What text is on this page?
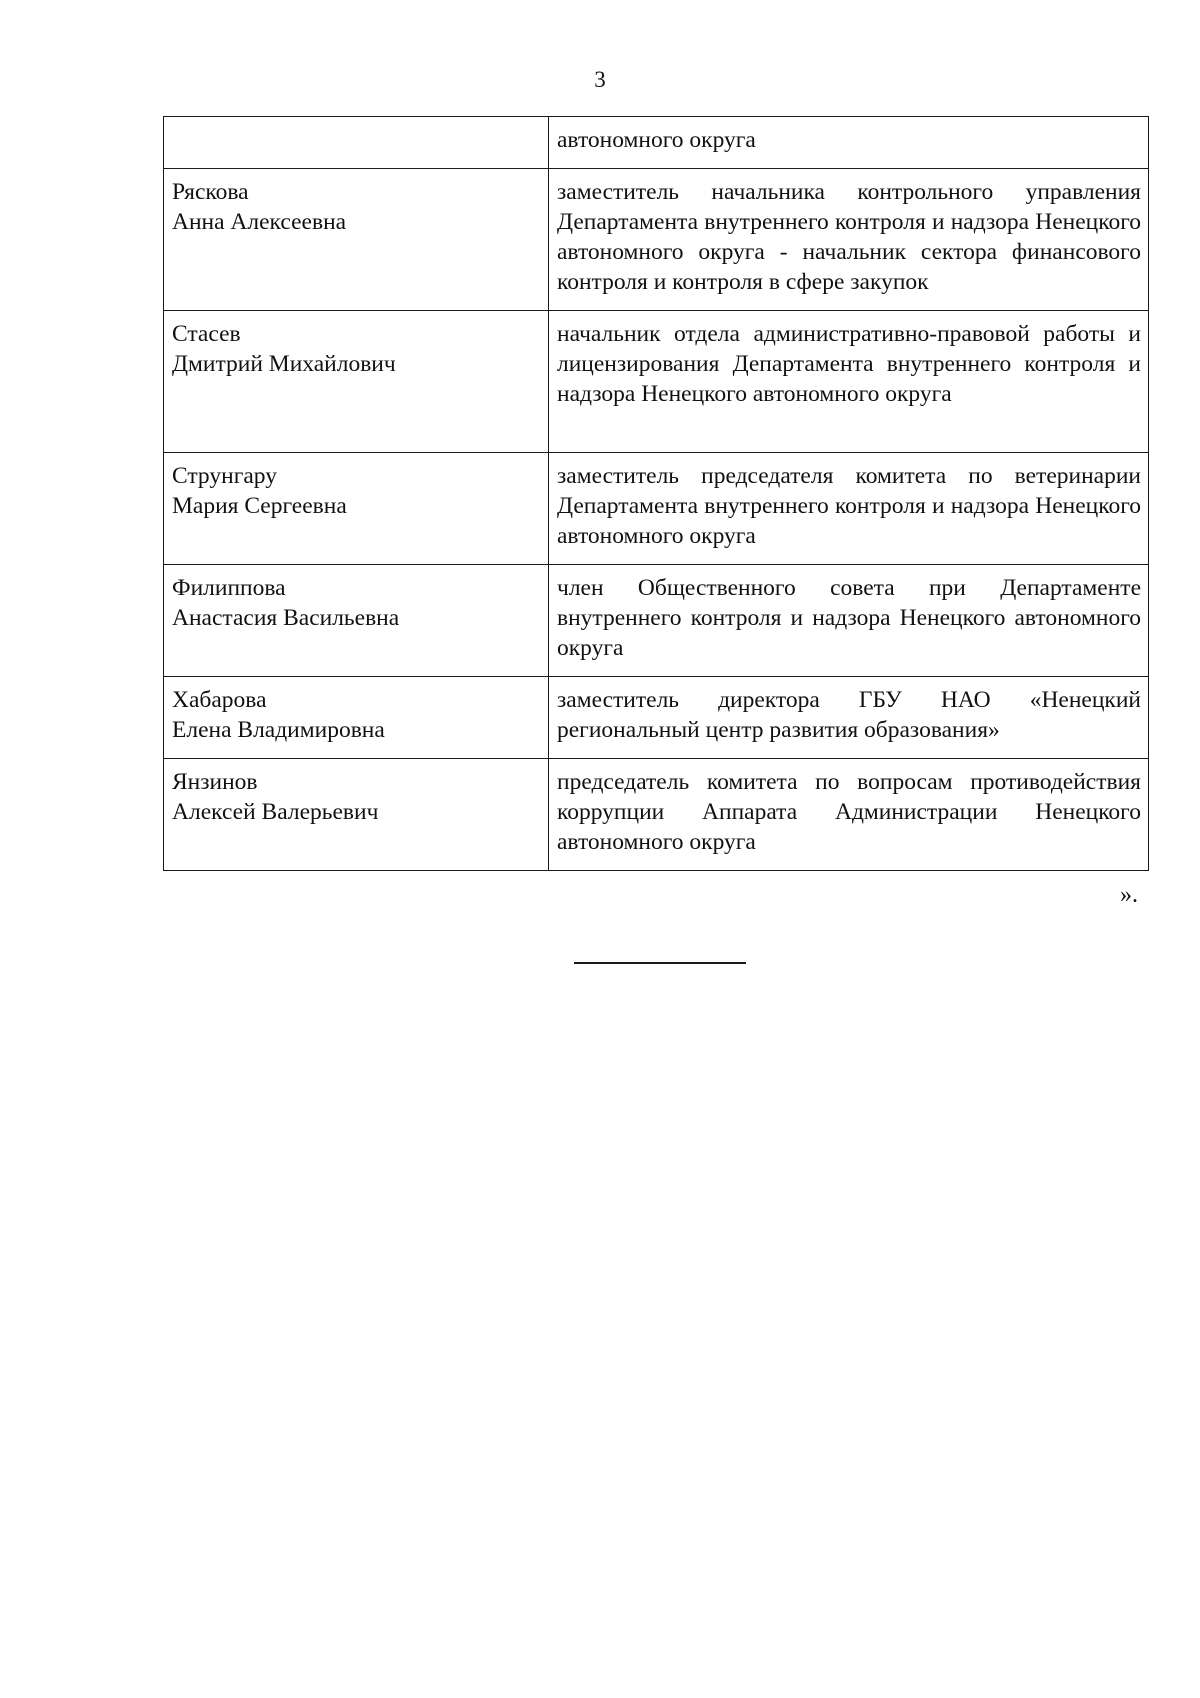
3
	автономного округа

Ряскова
Анна Алексеевна	заместитель начальника контрольного управления Департамента внутреннего контроля и надзора Ненецкого автономного округа - начальник сектора финансового контроля и контроля в сфере закупок

Стасев
Дмитрий Михайлович	начальник отдела административно-правовой работы и лицензирования Департамента внутреннего контроля и надзора Ненецкого автономного округа

Струнгару
Мария Сергеевна	заместитель председателя комитета по ветеринарии Департамента внутреннего контроля и надзора Ненецкого автономного округа

Филиппова
Анастасия Васильевна	член Общественного совета при Департаменте внутреннего контроля и надзора Ненецкого автономного округа

Хабарова
Елена Владимировна	заместитель директора ГБУ НАО «Ненецкий региональный центр развития образования»

Янзинов
Алексей Валерьевич	председатель комитета по вопросам противодействия коррупции Аппарата Администрации Ненецкого автономного округа
».
